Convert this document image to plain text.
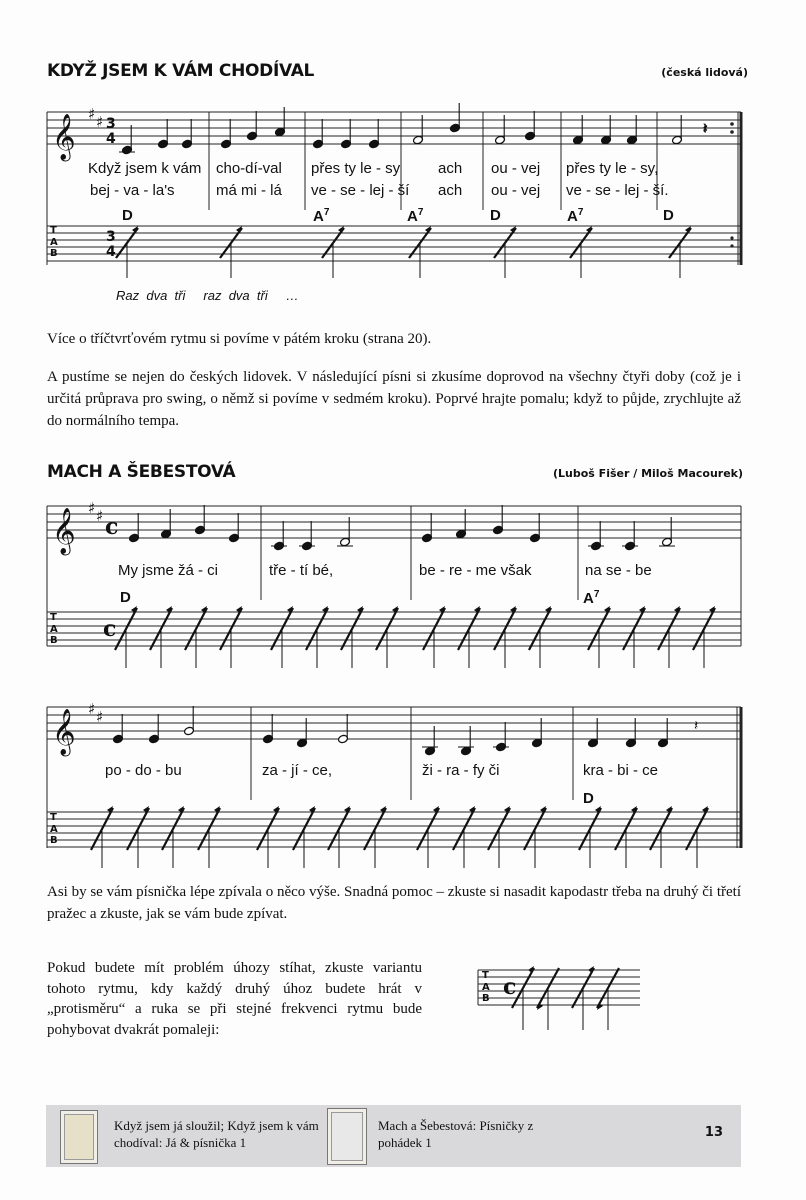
KDYŽ JSEM K VÁM CHODÍVAL	(česká lidová)
𝄞 ♯ ♯ 3
4
𝄽
3
4
𝄞 ♯ ♯ c
c
𝄞 ♯ ♯	𝄽
c
T
A
B
T
A
B
T
A
B
T
A
B
Když jsem k vám cho-dí-val přes ty le - sy	ach ou - vej přes ty le - sy,
bej - va - la's	má mi - lá ve - se - lej - ší ach ou - vej ve - se - lej - ší.
D	$A^7$	$A^7$	D	$A^7$	D
Raz  dva  tři     raz  dva  tři     …
Více o tříčtvrťovém rytmu si povíme v pátém kroku (strana 20).
A pustíme se nejen do českých lidovek. V následující písni si zkusíme doprovod na všechny čtyři doby (což je i určitá průprava pro swing, o němž si povíme v sedmém kroku). Poprvé hrajte pomalu; když to půjde, zrychlujte až do normálního tempa.
MACH A ŠEBESTOVÁ	(Luboš Fišer / Miloš Macourek)
My jsme žá - ci	tře - tí bé,	be - re - me však	na se - be
po - do - bu	za - jí - ce,	ži - ra - fy či	kra - bi - ce
D	$A^7$
D
Asi by se vám písnička lépe zpívala o něco výše. Snadná pomoc – zkuste si nasadit kapodastr třeba na druhý či třetí pražec a zkuste, jak se vám bude zpívat.
Pokud budete mít problém úhozy stíhat, zkuste variantu tohoto rytmu, kdy každý druhý úhoz budete hrát v „protisměru“ a ruka se při stejné frekvenci rytmu bude pohybovat dvakrát pomaleji:
Když jsem já sloužil; Když jsem k vám chodíval: Já & písnička 1
Mach a Šebestová: Písničky z pohádek 1
13
